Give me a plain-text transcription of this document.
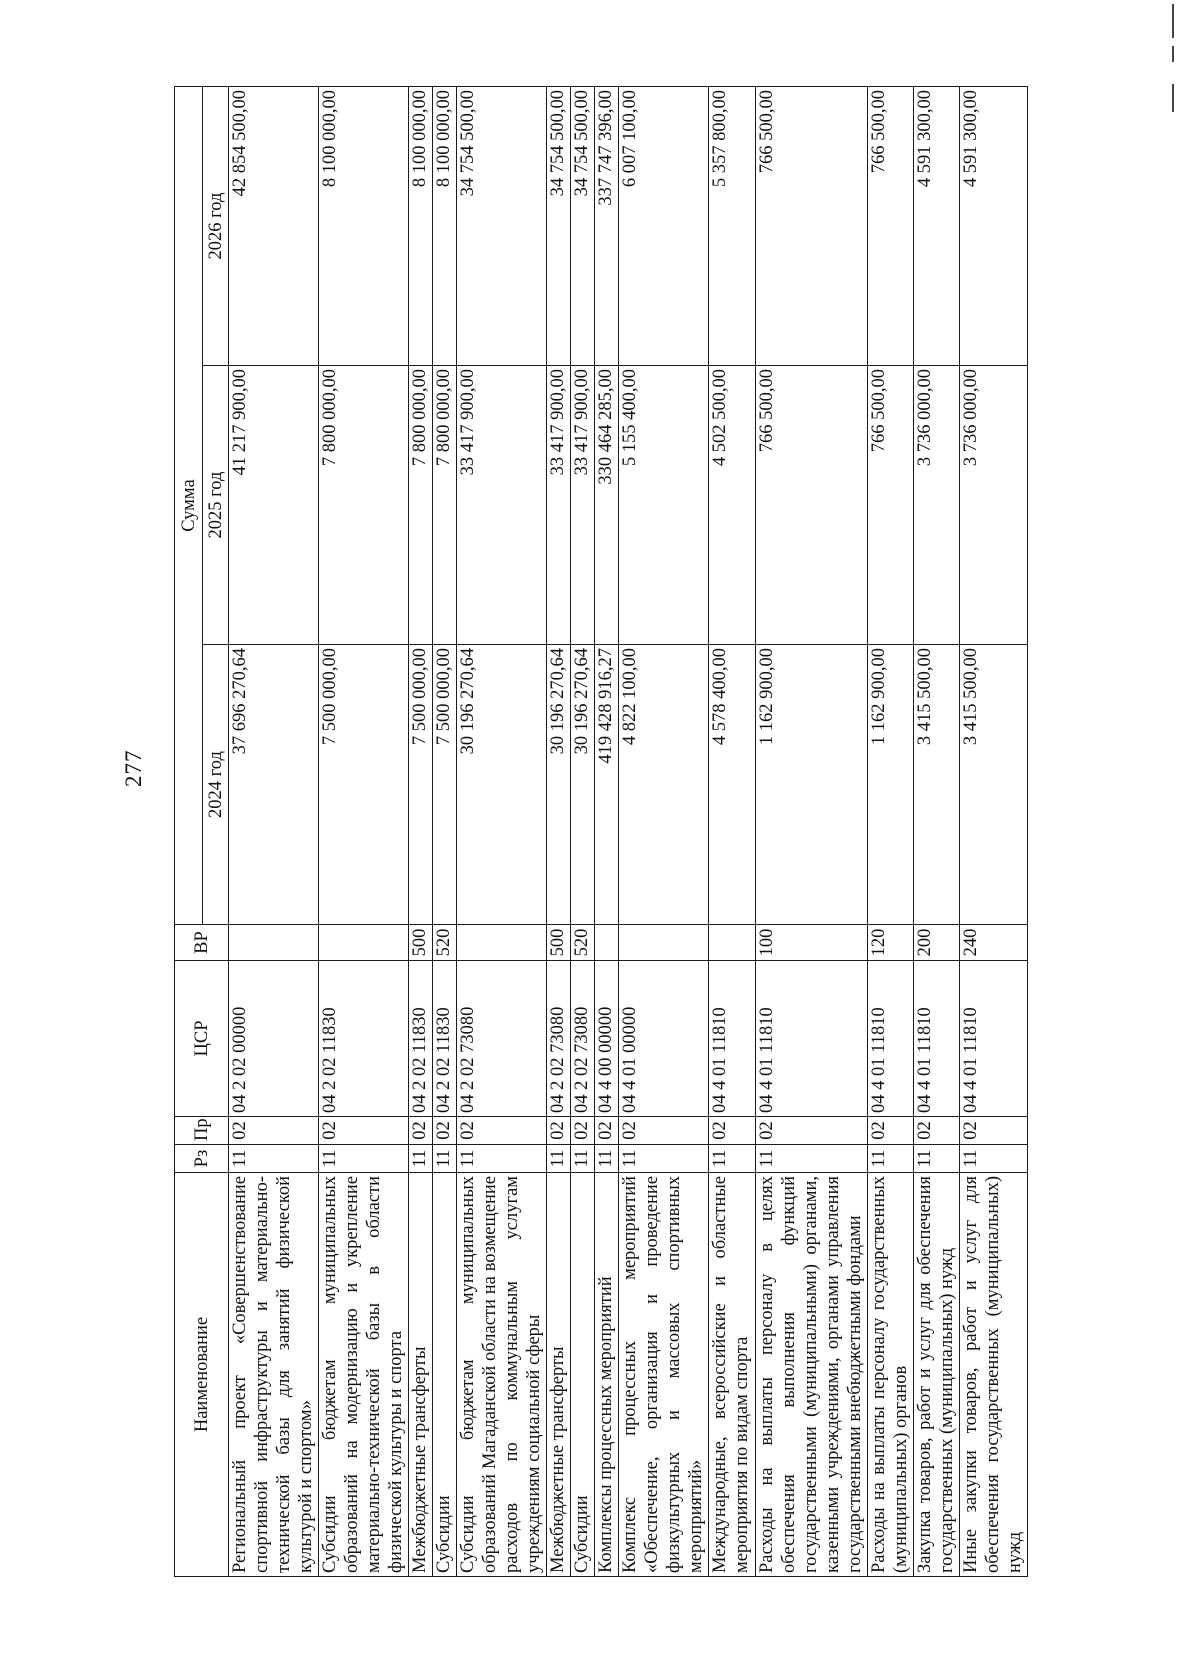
277
Наименование	Рз	Пр	ЦСР	ВР	Сумма		
					2024 год	2025 год	2026 год
Региональный проект «Совершенствование спортивной инфраструктуры и материально-технической базы для занятий физической культурой и спортом»	11	02	04 2 02 00000		37 696 270,64	41 217 900,00	42 854 500,00
Субсидии бюджетам муниципальных образований на модернизацию и укрепление материально-технической базы в области физической культуры и спорта	11	02	04 2 02 11830		7 500 000,00	7 800 000,00	8 100 000,00
Межбюджетные трансферты	11	02	04 2 02 11830	500	7 500 000,00	7 800 000,00	8 100 000,00
Субсидии	11	02	04 2 02 11830	520	7 500 000,00	7 800 000,00	8 100 000,00
Субсидии бюджетам муниципальных образований Магаданской области на возмещение расходов по коммунальным услугам учреждениям социальной сферы	11	02	04 2 02 73080		30 196 270,64	33 417 900,00	34 754 500,00
Межбюджетные трансферты	11	02	04 2 02 73080	500	30 196 270,64	33 417 900,00	34 754 500,00
Субсидии	11	02	04 2 02 73080	520	30 196 270,64	33 417 900,00	34 754 500,00
Комплексы процессных мероприятий	11	02	04 4 00 00000		419 428 916,27	330 464 285,00	337 747 396,00
Комплекс процессных мероприятий «Обеспечение, организация и проведение физкультурных и массовых спортивных мероприятий»	11	02	04 4 01 00000		4 822 100,00	5 155 400,00	6 007 100,00
Международные, всероссийские и областные мероприятия по видам спорта	11	02	04 4 01 11810		4 578 400,00	4 502 500,00	5 357 800,00
Расходы на выплаты персоналу в целях обеспечения выполнения функций государственными (муниципальными) органами, казенными учреждениями, органами управления государственными внебюджетными фондами	11	02	04 4 01 11810	100	1 162 900,00	766 500,00	766 500,00
Расходы на выплаты персоналу государственных (муниципальных) органов	11	02	04 4 01 11810	120	1 162 900,00	766 500,00	766 500,00
Закупка товаров, работ и услуг для обеспечения государственных (муниципальных) нужд	11	02	04 4 01 11810	200	3 415 500,00	3 736 000,00	4 591 300,00
Иные закупки товаров, работ и услуг для обеспечения государственных (муниципальных) нужд	11	02	04 4 01 11810	240	3 415 500,00	3 736 000,00	4 591 300,00
